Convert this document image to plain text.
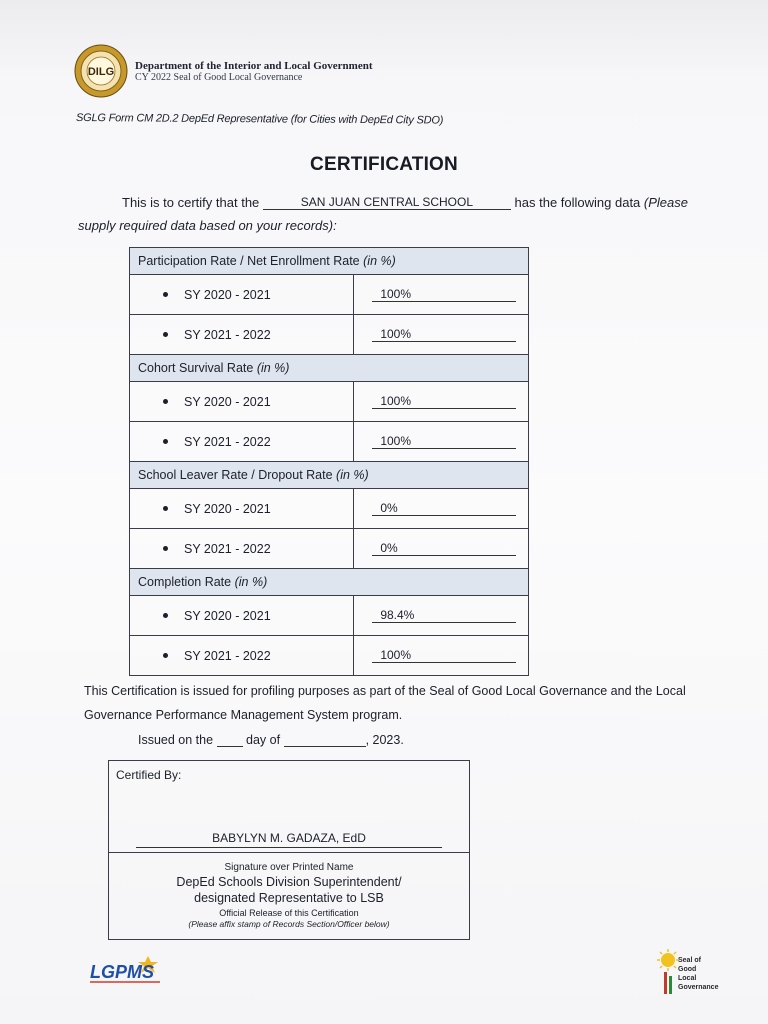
DILG Department of the Interior and Local Government
CY 2022 Seal of Good Local Governance
SGLG Form CM 2D.2 DepEd Representative (for Cities with DepEd City SDO)
CERTIFICATION
This is to certify that the	SAN JUAN CENTRAL SCHOOL	has the following data (Please
supply required data based on your records):
Participation Rate / Net Enrollment Rate (in %)	

SY 2020 - 2021	100%

SY 2021 - 2022	100%

Cohort Survival Rate (in %)	

SY 2020 - 2021	100%

SY 2021 - 2022	100%

School Leaver Rate / Dropout Rate (in %)	

SY 2020 - 2021	0%

SY 2021 - 2022	0%

Completion Rate (in %)	

SY 2020 - 2021	98.4%

SY 2021 - 2022	100%
This Certification is issued for profiling purposes as part of the Seal of Good Local Governance and the Local
Governance Performance Management System program.
Issued on the	day of	, 2023.
Certified By:
BABYLYN M. GADAZA, EdD
Signature over Printed Name
DepEd Schools Division Superintendent/
designated Representative to LSB
Official Release of this Certification
(Please affix stamp of Records Section/Officer below)
LGPMS
Seal of
Good
Local
Governance
